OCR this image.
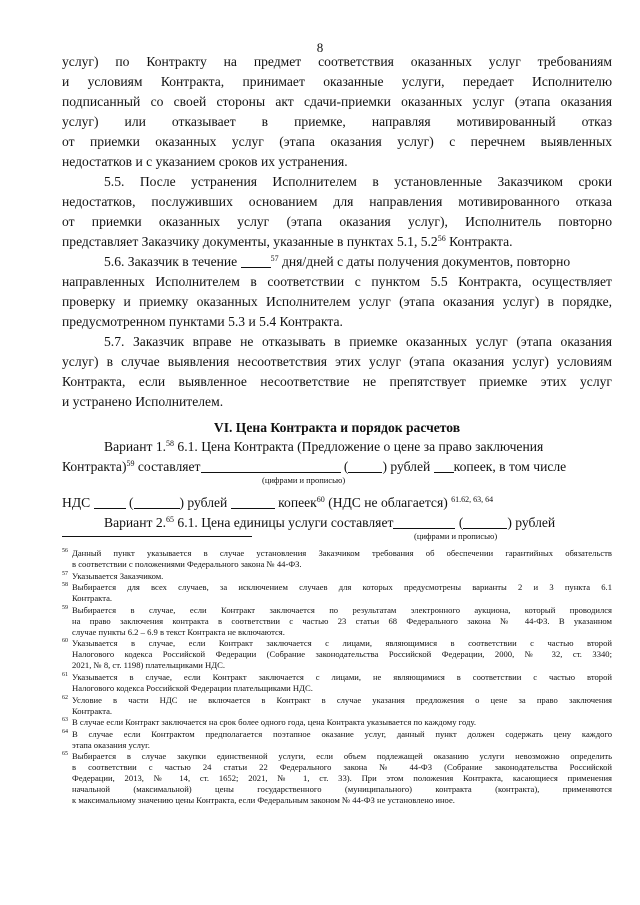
8
услуг) по Контракту на предмет соответствия оказанных услуг требованиям
и условиям Контракта, принимает оказанные услуги, передает Исполнителю
подписанный со своей стороны акт сдачи-приемки оказанных услуг (этапа оказания
услуг) или отказывает в приемке, направляя мотивированный отказ
от приемки оказанных услуг (этапа оказания услуг) с перечнем выявленных
недостатков и с указанием сроков их устранения.
5.5. После устранения Исполнителем в установленные Заказчиком сроки
недостатков, послуживших основанием для направления мотивированного отказа
от приемки оказанных услуг (этапа оказания услуг), Исполнитель повторно
представляет Заказчику документы, указанные в пунктах 5.1, $5.2^{56}$ Контракта.
5.6. Заказчик в течение	$^{57}$ дня/дней с даты получения документов, повторно
направленных Исполнителем в соответствии с пунктом 5.5 Контракта, осуществляет
проверку и приемку оказанных Исполнителем услуг (этапа оказания услуг) в порядке,
предусмотренном пунктами 5.3 и 5.4 Контракта.
5.7. Заказчик вправе не отказывать в приемке оказанных услуг (этапа оказания
услуг) в случае выявления несоответствия этих услуг (этапа оказания услуг) условиям
Контракта, если выявленное несоответствие не препятствует приемке этих услуг
и устранено Исполнителем.
VI. Цена Контракта и порядок расчетов
Вариант 1.58 6.1. Цена Контракта (Предложение о цене за право заключения
Контракта)$^{59}$ составляет	(	) рублей копеек, в том числе
(цифрами и прописью)
НДС  (	) рублей	копеек$^{60}$ (НДС не облагается) $^{61.62, 63, 64}$
Вариант 2.65 6.1. Цена единицы услуги составляет	(	) рублей
(цифрами и прописью)
56 Данный пункт указывается в случае установления Заказчиком требования об обеспечении гарантийных обязательств
в соответствии с положениями Федерального закона № 44-ФЗ.
57 Указывается Заказчиком.
58 Выбирается для всех случаев, за исключением случаев для которых предусмотрены варианты 2 и 3 пункта 6.1
Контракта.
59 Выбирается в случае, если Контракт заключается по результатам электронного аукциона, который проводился
на право заключения контракта в соответствии с частью 23 статьи 68 Федерального закона № 44-ФЗ. В указанном
случае пункты 6.2 – 6.9 в текст Контракта не включаются.
60 Указывается в случае, если Контракт заключается с лицами, являющимися в соответствии с частью второй
Налогового кодекса Российской Федерации (Собрание законодательства Российской Федерации, 2000, № 32, ст. 3340;
2021, № 8, ст. 1198) плательщиками НДС.
61 Указывается в случае, если Контракт заключается с лицами, не являющимися в соответствии с частью второй
Налогового кодекса Российской Федерации плательщиками НДС.
62 Условие в части НДС не включается в Контракт в случае указания предложения о цене за право заключения
Контракта.
63 В случае если Контракт заключается на срок более одного года, цена Контракта указывается по каждому году.
64 В случае если Контрактом предполагается поэтапное оказание услуг, данный пункт должен содержать цену каждого
этапа оказания услуг.
65 Выбирается в случае закупки единственной услуги, если объем подлежащей оказанию услуги невозможно определить
в соответствии с частью 24 статьи 22 Федерального закона № 44-ФЗ (Собрание законодательства Российской
Федерации, 2013, № 14, ст. 1652; 2021, № 1, ст. 33). При этом положения Контракта, касающиеся применения
начальной (максимальной) цены государственного (муниципального) контракта (контракта), применяются
к максимальному значению цены Контракта, если Федеральным законом № 44-ФЗ не установлено иное.
